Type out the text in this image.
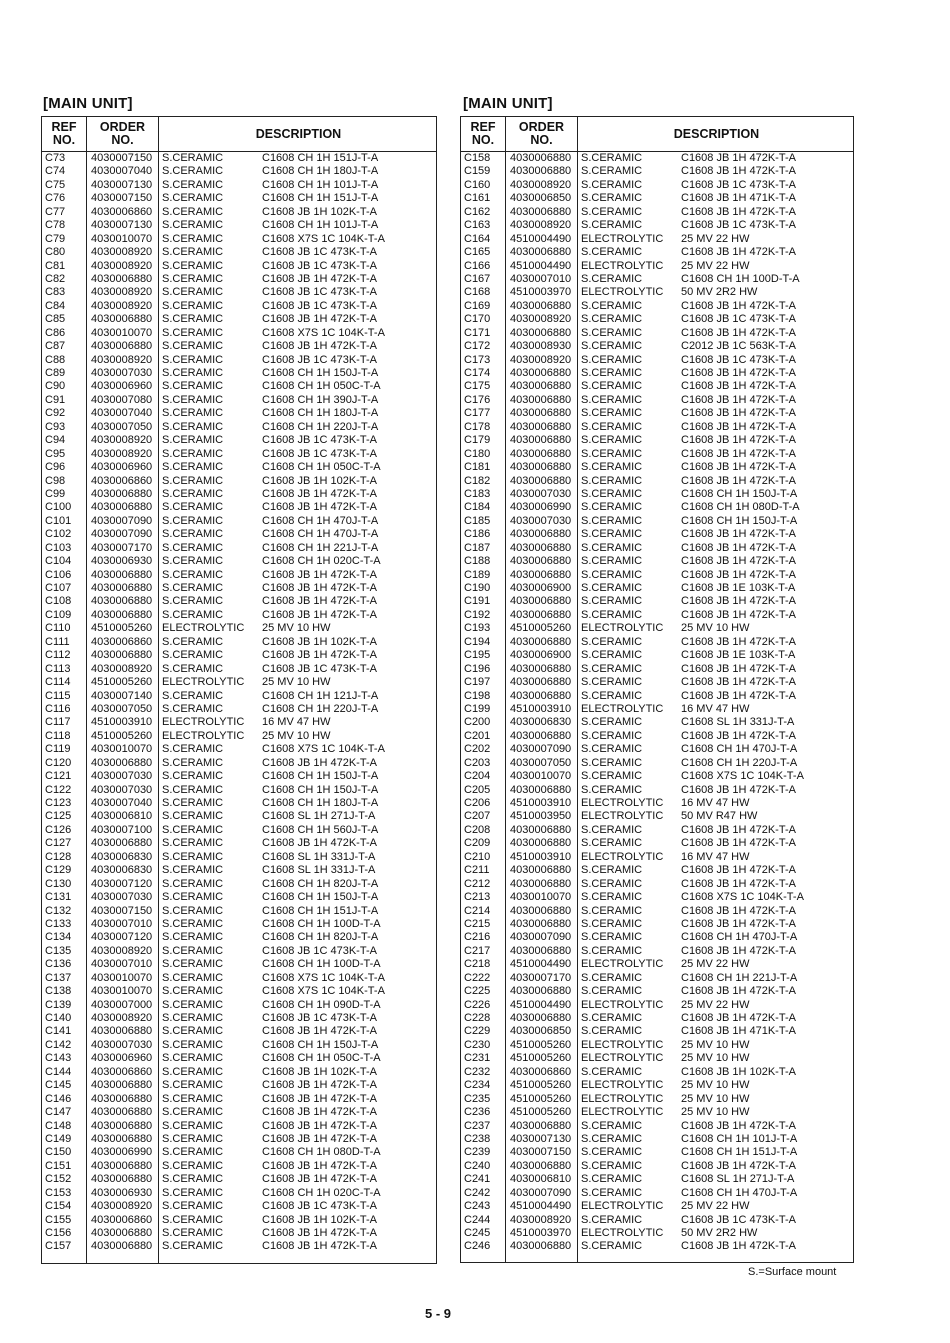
[MAIN UNIT]	[MAIN UNIT]
REF
NO.
ORDER
NO.	DESCRIPTION
C73 4030007150 S.CERAMIC	C1608 CH 1H 151J-T-A
C74 4030007040 S.CERAMIC	C1608 CH 1H 180J-T-A
C75 4030007130 S.CERAMIC	C1608 CH 1H 101J-T-A
C76 4030007150 S.CERAMIC	C1608 CH 1H 151J-T-A
C77 4030006860 S.CERAMIC	C1608 JB 1H 102K-T-A
C78 4030007130 S.CERAMIC	C1608 CH 1H 101J-T-A
C79 4030010070 S.CERAMIC	C1608 X7S 1C 104K-T-A
C80 4030008920 S.CERAMIC	C1608 JB 1C 473K-T-A
C81 4030008920 S.CERAMIC	C1608 JB 1C 473K-T-A
C82 4030006880 S.CERAMIC	C1608 JB 1H 472K-T-A
C83 4030008920 S.CERAMIC	C1608 JB 1C 473K-T-A
C84 4030008920 S.CERAMIC	C1608 JB 1C 473K-T-A
C85 4030006880 S.CERAMIC	C1608 JB 1H 472K-T-A
C86 4030010070 S.CERAMIC	C1608 X7S 1C 104K-T-A
C87 4030006880 S.CERAMIC	C1608 JB 1H 472K-T-A
C88 4030008920 S.CERAMIC	C1608 JB 1C 473K-T-A
C89 4030007030 S.CERAMIC	C1608 CH 1H 150J-T-A
C90 4030006960 S.CERAMIC	C1608 CH 1H 050C-T-A
C91 4030007080 S.CERAMIC	C1608 CH 1H 390J-T-A
C92 4030007040 S.CERAMIC	C1608 CH 1H 180J-T-A
C93 4030007050 S.CERAMIC	C1608 CH 1H 220J-T-A
C94 4030008920 S.CERAMIC	C1608 JB 1C 473K-T-A
C95 4030008920 S.CERAMIC	C1608 JB 1C 473K-T-A
C96 4030006960 S.CERAMIC	C1608 CH 1H 050C-T-A
C98 4030006860 S.CERAMIC	C1608 JB 1H 102K-T-A
C99 4030006880 S.CERAMIC	C1608 JB 1H 472K-T-A
C100 4030006880 S.CERAMIC	C1608 JB 1H 472K-T-A
C101 4030007090 S.CERAMIC	C1608 CH 1H 470J-T-A
C102 4030007090 S.CERAMIC	C1608 CH 1H 470J-T-A
C103 4030007170 S.CERAMIC	C1608 CH 1H 221J-T-A
C104 4030006930 S.CERAMIC	C1608 CH 1H 020C-T-A
C106 4030006880 S.CERAMIC	C1608 JB 1H 472K-T-A
C107 4030006880 S.CERAMIC	C1608 JB 1H 472K-T-A
C108 4030006880 S.CERAMIC	C1608 JB 1H 472K-T-A
C109 4030006880 S.CERAMIC	C1608 JB 1H 472K-T-A
C110 4510005260 ELECTROLYTIC 25 MV 10 HW
C111 4030006860 S.CERAMIC	C1608 JB 1H 102K-T-A
C112 4030006880 S.CERAMIC	C1608 JB 1H 472K-T-A
C113 4030008920 S.CERAMIC	C1608 JB 1C 473K-T-A
C114 4510005260 ELECTROLYTIC 25 MV 10 HW
C115 4030007140 S.CERAMIC	C1608 CH 1H 121J-T-A
C116 4030007050 S.CERAMIC	C1608 CH 1H 220J-T-A
C117 4510003910 ELECTROLYTIC 16 MV 47 HW
C118 4510005260 ELECTROLYTIC 25 MV 10 HW
C119 4030010070 S.CERAMIC	C1608 X7S 1C 104K-T-A
C120 4030006880 S.CERAMIC	C1608 JB 1H 472K-T-A
C121 4030007030 S.CERAMIC	C1608 CH 1H 150J-T-A
C122 4030007030 S.CERAMIC	C1608 CH 1H 150J-T-A
C123 4030007040 S.CERAMIC	C1608 CH 1H 180J-T-A
C125 4030006810 S.CERAMIC	C1608 SL 1H 271J-T-A
C126 4030007100 S.CERAMIC	C1608 CH 1H 560J-T-A
C127 4030006880 S.CERAMIC	C1608 JB 1H 472K-T-A
C128 4030006830 S.CERAMIC	C1608 SL 1H 331J-T-A
C129 4030006830 S.CERAMIC	C1608 SL 1H 331J-T-A
C130 4030007120 S.CERAMIC	C1608 CH 1H 820J-T-A
C131 4030007030 S.CERAMIC	C1608 CH 1H 150J-T-A
C132 4030007150 S.CERAMIC	C1608 CH 1H 151J-T-A
C133 4030007010 S.CERAMIC	C1608 CH 1H 100D-T-A
C134 4030007120 S.CERAMIC	C1608 CH 1H 820J-T-A
C135 4030008920 S.CERAMIC	C1608 JB 1C 473K-T-A
C136 4030007010 S.CERAMIC	C1608 CH 1H 100D-T-A
C137 4030010070 S.CERAMIC	C1608 X7S 1C 104K-T-A
C138 4030010070 S.CERAMIC	C1608 X7S 1C 104K-T-A
C139 4030007000 S.CERAMIC	C1608 CH 1H 090D-T-A
C140 4030008920 S.CERAMIC	C1608 JB 1C 473K-T-A
C141 4030006880 S.CERAMIC	C1608 JB 1H 472K-T-A
C142 4030007030 S.CERAMIC	C1608 CH 1H 150J-T-A
C143 4030006960 S.CERAMIC	C1608 CH 1H 050C-T-A
C144 4030006860 S.CERAMIC	C1608 JB 1H 102K-T-A
C145 4030006880 S.CERAMIC	C1608 JB 1H 472K-T-A
C146 4030006880 S.CERAMIC	C1608 JB 1H 472K-T-A
C147 4030006880 S.CERAMIC	C1608 JB 1H 472K-T-A
C148 4030006880 S.CERAMIC	C1608 JB 1H 472K-T-A
C149 4030006880 S.CERAMIC	C1608 JB 1H 472K-T-A
C150 4030006990 S.CERAMIC	C1608 CH 1H 080D-T-A
C151 4030006880 S.CERAMIC	C1608 JB 1H 472K-T-A
C152 4030006880 S.CERAMIC	C1608 JB 1H 472K-T-A
C153 4030006930 S.CERAMIC	C1608 CH 1H 020C-T-A
C154 4030008920 S.CERAMIC	C1608 JB 1C 473K-T-A
C155 4030006860 S.CERAMIC	C1608 JB 1H 102K-T-A
C156 4030006880 S.CERAMIC	C1608 JB 1H 472K-T-A
C157 4030006880 S.CERAMIC	C1608 JB 1H 472K-T-A
REF
NO.
ORDER
NO.	DESCRIPTION
C158 4030006880 S.CERAMIC	C1608 JB 1H 472K-T-A
C159 4030006880 S.CERAMIC	C1608 JB 1H 472K-T-A
C160 4030008920 S.CERAMIC	C1608 JB 1C 473K-T-A
C161 4030006850 S.CERAMIC	C1608 JB 1H 471K-T-A
C162 4030006880 S.CERAMIC	C1608 JB 1H 472K-T-A
C163 4030008920 S.CERAMIC	C1608 JB 1C 473K-T-A
C164 4510004490 ELECTROLYTIC 25 MV 22 HW
C165 4030006880 S.CERAMIC	C1608 JB 1H 472K-T-A
C166 4510004490 ELECTROLYTIC 25 MV 22 HW
C167 4030007010 S.CERAMIC	C1608 CH 1H 100D-T-A
C168 4510003970 ELECTROLYTIC 50 MV 2R2 HW
C169 4030006880 S.CERAMIC	C1608 JB 1H 472K-T-A
C170 4030008920 S.CERAMIC	C1608 JB 1C 473K-T-A
C171 4030006880 S.CERAMIC	C1608 JB 1H 472K-T-A
C172 4030008930 S.CERAMIC	C2012 JB 1C 563K-T-A
C173 4030008920 S.CERAMIC	C1608 JB 1C 473K-T-A
C174 4030006880 S.CERAMIC	C1608 JB 1H 472K-T-A
C175 4030006880 S.CERAMIC	C1608 JB 1H 472K-T-A
C176 4030006880 S.CERAMIC	C1608 JB 1H 472K-T-A
C177 4030006880 S.CERAMIC	C1608 JB 1H 472K-T-A
C178 4030006880 S.CERAMIC	C1608 JB 1H 472K-T-A
C179 4030006880 S.CERAMIC	C1608 JB 1H 472K-T-A
C180 4030006880 S.CERAMIC	C1608 JB 1H 472K-T-A
C181 4030006880 S.CERAMIC	C1608 JB 1H 472K-T-A
C182 4030006880 S.CERAMIC	C1608 JB 1H 472K-T-A
C183 4030007030 S.CERAMIC	C1608 CH 1H 150J-T-A
C184 4030006990 S.CERAMIC	C1608 CH 1H 080D-T-A
C185 4030007030 S.CERAMIC	C1608 CH 1H 150J-T-A
C186 4030006880 S.CERAMIC	C1608 JB 1H 472K-T-A
C187 4030006880 S.CERAMIC	C1608 JB 1H 472K-T-A
C188 4030006880 S.CERAMIC	C1608 JB 1H 472K-T-A
C189 4030006880 S.CERAMIC	C1608 JB 1H 472K-T-A
C190 4030006900 S.CERAMIC	C1608 JB 1E 103K-T-A
C191 4030006880 S.CERAMIC	C1608 JB 1H 472K-T-A
C192 4030006880 S.CERAMIC	C1608 JB 1H 472K-T-A
C193 4510005260 ELECTROLYTIC 25 MV 10 HW
C194 4030006880 S.CERAMIC	C1608 JB 1H 472K-T-A
C195 4030006900 S.CERAMIC	C1608 JB 1E 103K-T-A
C196 4030006880 S.CERAMIC	C1608 JB 1H 472K-T-A
C197 4030006880 S.CERAMIC	C1608 JB 1H 472K-T-A
C198 4030006880 S.CERAMIC	C1608 JB 1H 472K-T-A
C199 4510003910 ELECTROLYTIC 16 MV 47 HW
C200 4030006830 S.CERAMIC	C1608 SL 1H 331J-T-A
C201 4030006880 S.CERAMIC	C1608 JB 1H 472K-T-A
C202 4030007090 S.CERAMIC	C1608 CH 1H 470J-T-A
C203 4030007050 S.CERAMIC	C1608 CH 1H 220J-T-A
C204 4030010070 S.CERAMIC	C1608 X7S 1C 104K-T-A
C205 4030006880 S.CERAMIC	C1608 JB 1H 472K-T-A
C206 4510003910 ELECTROLYTIC 16 MV 47 HW
C207 4510003950 ELECTROLYTIC 50 MV R47 HW
C208 4030006880 S.CERAMIC	C1608 JB 1H 472K-T-A
C209 4030006880 S.CERAMIC	C1608 JB 1H 472K-T-A
C210 4510003910 ELECTROLYTIC 16 MV 47 HW
C211 4030006880 S.CERAMIC	C1608 JB 1H 472K-T-A
C212 4030006880 S.CERAMIC	C1608 JB 1H 472K-T-A
C213 4030010070 S.CERAMIC	C1608 X7S 1C 104K-T-A
C214 4030006880 S.CERAMIC	C1608 JB 1H 472K-T-A
C215 4030006880 S.CERAMIC	C1608 JB 1H 472K-T-A
C216 4030007090 S.CERAMIC	C1608 CH 1H 470J-T-A
C217 4030006880 S.CERAMIC	C1608 JB 1H 472K-T-A
C218 4510004490 ELECTROLYTIC 25 MV 22 HW
C222 4030007170 S.CERAMIC	C1608 CH 1H 221J-T-A
C225 4030006880 S.CERAMIC	C1608 JB 1H 472K-T-A
C226 4510004490 ELECTROLYTIC 25 MV 22 HW
C228 4030006880 S.CERAMIC	C1608 JB 1H 472K-T-A
C229 4030006850 S.CERAMIC	C1608 JB 1H 471K-T-A
C230 4510005260 ELECTROLYTIC 25 MV 10 HW
C231 4510005260 ELECTROLYTIC 25 MV 10 HW
C232 4030006860 S.CERAMIC	C1608 JB 1H 102K-T-A
C234 4510005260 ELECTROLYTIC 25 MV 10 HW
C235 4510005260 ELECTROLYTIC 25 MV 10 HW
C236 4510005260 ELECTROLYTIC 25 MV 10 HW
C237 4030006880 S.CERAMIC	C1608 JB 1H 472K-T-A
C238 4030007130 S.CERAMIC	C1608 CH 1H 101J-T-A
C239 4030007150 S.CERAMIC	C1608 CH 1H 151J-T-A
C240 4030006880 S.CERAMIC	C1608 JB 1H 472K-T-A
C241 4030006810 S.CERAMIC	C1608 SL 1H 271J-T-A
C242 4030007090 S.CERAMIC	C1608 CH 1H 470J-T-A
C243 4510004490 ELECTROLYTIC 25 MV 22 HW
C244 4030008920 S.CERAMIC	C1608 JB 1C 473K-T-A
C245 4510003970 ELECTROLYTIC 50 MV 2R2 HW
C246 4030006880 S.CERAMIC	C1608 JB 1H 472K-T-A
S.=Surface mount
5 - 9
